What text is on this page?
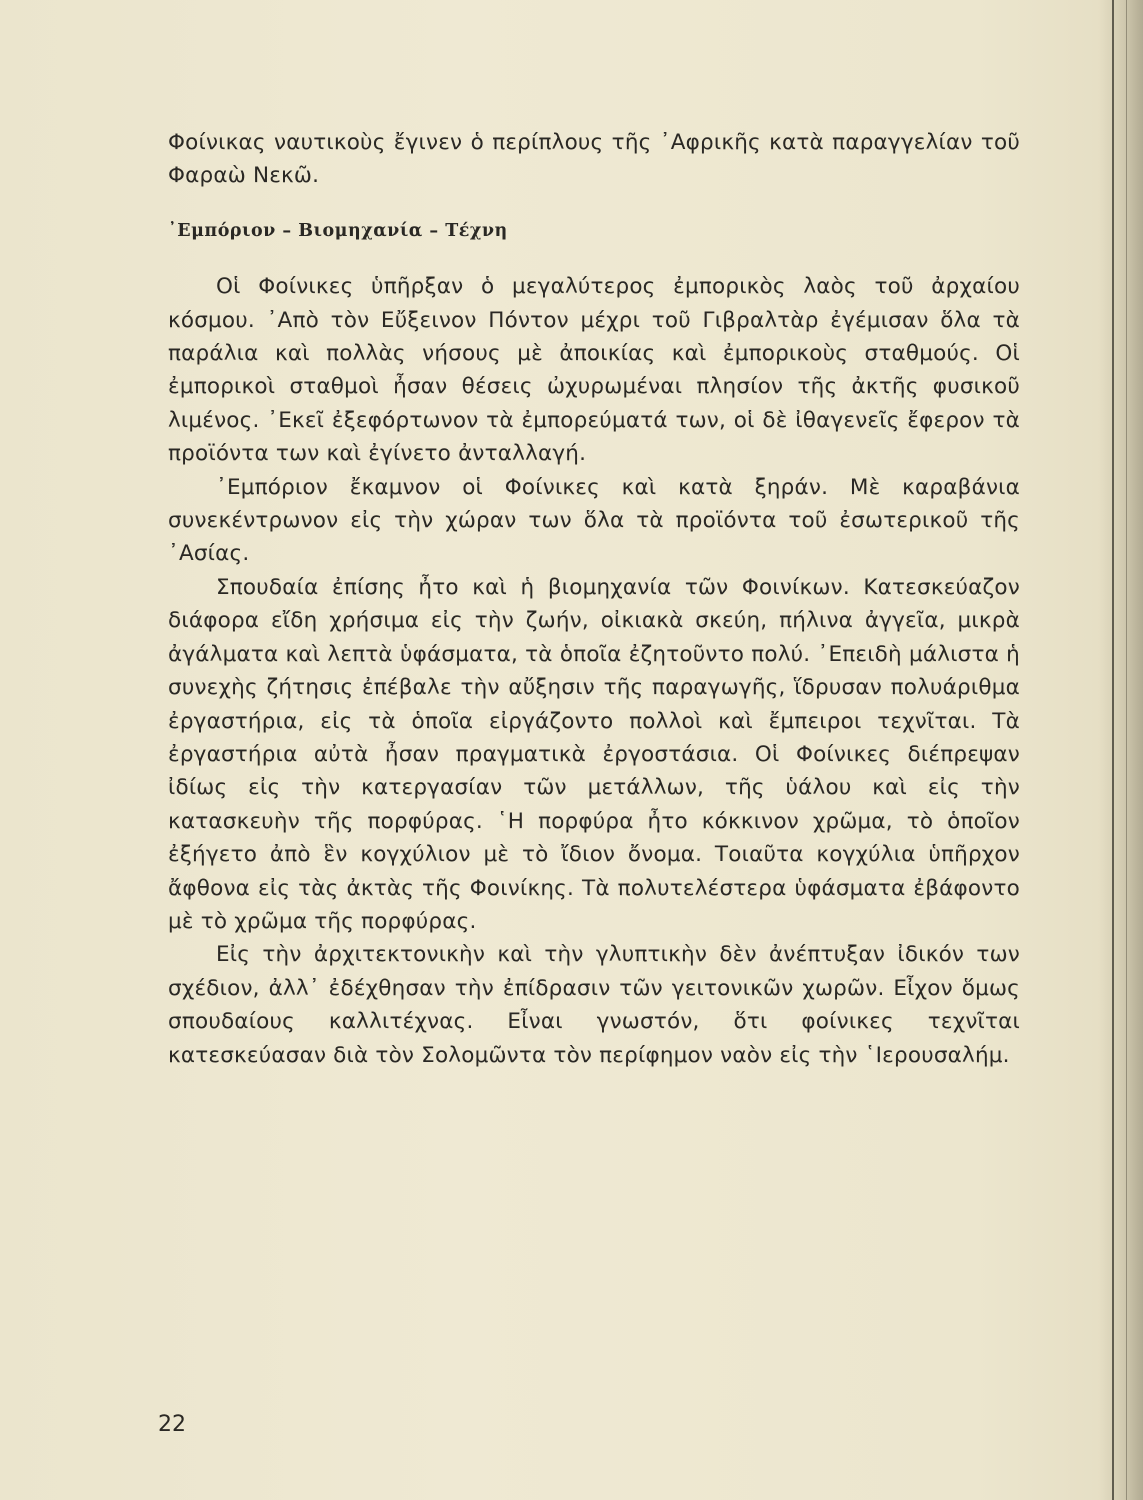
Φοίνικας ναυτικοὺς ἔγινεν ὁ περίπλους τῆς ᾿Αφρικῆς κατὰ παραγγελίαν τοῦ Φαραὼ Νεκῶ.

᾿Εμπόριον – Βιομηχανία – Τέχνη

Οἱ Φοίνικες ὑπῆρξαν ὁ μεγαλύτερος ἐμπορικὸς λαὸς τοῦ ἀρχαίου κόσμου. ᾿Απὸ τὸν Εὔξεινον Πόντον μέχρι τοῦ Γιβραλτὰρ ἐγέμισαν ὅλα τὰ παράλια καὶ πολλὰς νήσους μὲ ἀποικίας καὶ ἐμπορικοὺς σταθμούς. Οἱ ἐμπορικοὶ σταθμοὶ ἦσαν θέσεις ὠχυρωμέναι πλησίον τῆς ἀκτῆς φυσικοῦ λιμένος. ᾿Εκεῖ ἐξεφόρτωνον τὰ ἐμπορεύματά των, οἱ δὲ ἰθαγενεῖς ἔφερον τὰ προϊόντα των καὶ ἐγίνετο ἀνταλλαγή.

᾿Εμπόριον ἔκαμνον οἱ Φοίνικες καὶ κατὰ ξηράν. Μὲ καραβάνια συνεκέντρωνον εἰς τὴν χώραν των ὅλα τὰ προϊόντα τοῦ ἐσωτερικοῦ τῆς ᾿Ασίας.

Σπουδαία ἐπίσης ἦτο καὶ ἡ βιομηχανία τῶν Φοινίκων. Κατεσκεύαζον διάφορα εἴδη χρήσιμα εἰς τὴν ζωήν, οἰκιακὰ σκεύη, πήλινα ἀγγεῖα, μικρὰ ἀγάλματα καὶ λεπτὰ ὑφάσματα, τὰ ὁποῖα ἐζητοῦντο πολύ. ᾿Επειδὴ μάλιστα ἡ συνεχὴς ζήτησις ἐπέβαλε τὴν αὔξησιν τῆς παραγωγῆς, ἵδρυσαν πολυάριθμα ἐργαστήρια, εἰς τὰ ὁποῖα εἰργάζοντο πολλοὶ καὶ ἔμπειροι τεχνῖται. Τὰ ἐργαστήρια αὐτὰ ἦσαν πραγματικὰ ἐργοστάσια. Οἱ Φοίνικες διέπρεψαν ἰδίως εἰς τὴν κατεργασίαν τῶν μετάλλων, τῆς ὑάλου καὶ εἰς τὴν κατασκευὴν τῆς πορφύρας. ῾Η πορφύρα ἦτο κόκκινον χρῶμα, τὸ ὁποῖον ἐξήγετο ἀπὸ ἓν κογχύλιον μὲ τὸ ἴδιον ὄνομα. Τοιαῦτα κογχύλια ὑπῆρχον ἄφθονα εἰς τὰς ἀκτὰς τῆς Φοινίκης. Τὰ πολυτελέστερα ὑφάσματα ἐβάφοντο μὲ τὸ χρῶμα τῆς πορφύρας.

Εἰς τὴν ἀρχιτεκτονικὴν καὶ τὴν γλυπτικὴν δὲν ἀνέπτυξαν ἰδικόν των σχέδιον, ἀλλ᾿ ἐδέχθησαν τὴν ἐπίδρασιν τῶν γειτονικῶν χωρῶν. Εἶχον ὅμως σπουδαίους καλλιτέχνας. Εἶναι γνωστόν, ὅτι φοίνικες τεχνῖται κατεσκεύασαν διὰ τὸν Σολομῶντα τὸν περίφημον ναὸν εἰς τὴν ῾Ιερουσαλήμ.

22
